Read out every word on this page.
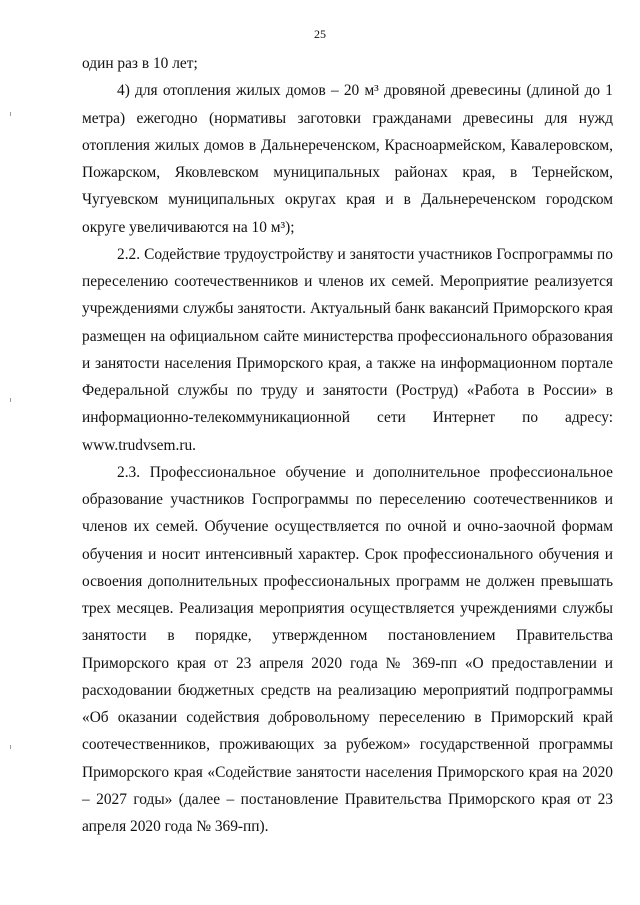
25

один раз в 10 лет;

4) для отопления жилых домов – 20 м³ дровяной древесины (длиной до 1 метра) ежегодно (нормативы заготовки гражданами древесины для нужд отопления жилых домов в Дальнереченском, Красноармейском, Кавалеровском, Пожарском, Яковлевском муниципальных районах края, в Тернейском, Чугуевском муниципальных округах края и в Дальнереченском городском округе увеличиваются на 10 м³);

2.2. Содействие трудоустройству и занятости участников Госпрограммы по переселению соотечественников и членов их семей. Мероприятие реализуется учреждениями службы занятости. Актуальный банк вакансий Приморского края размещен на официальном сайте министерства профессионального образования и занятости населения Приморского края, а также на информационном портале Федеральной службы по труду и занятости (Роструд) «Работа в России» в информационно-телекоммуникационной сети Интернет по адресу: www.trudvsem.ru.

2.3. Профессиональное обучение и дополнительное профессиональное образование участников Госпрограммы по переселению соотечественников и членов их семей. Обучение осуществляется по очной и очно-заочной формам обучения и носит интенсивный характер. Срок профессионального обучения и освоения дополнительных профессиональных программ не должен превышать трех месяцев. Реализация мероприятия осуществляется учреждениями службы занятости в порядке, утвержденном постановлением Правительства Приморского края от 23 апреля 2020 года № 369-пп «О предоставлении и расходовании бюджетных средств на реализацию мероприятий подпрограммы «Об оказании содействия добровольному переселению в Приморский край соотечественников, проживающих за рубежом» государственной программы Приморского края «Содействие занятости населения Приморского края на 2020 – 2027 годы» (далее – постановление Правительства Приморского края от 23 апреля 2020 года № 369-пп).
